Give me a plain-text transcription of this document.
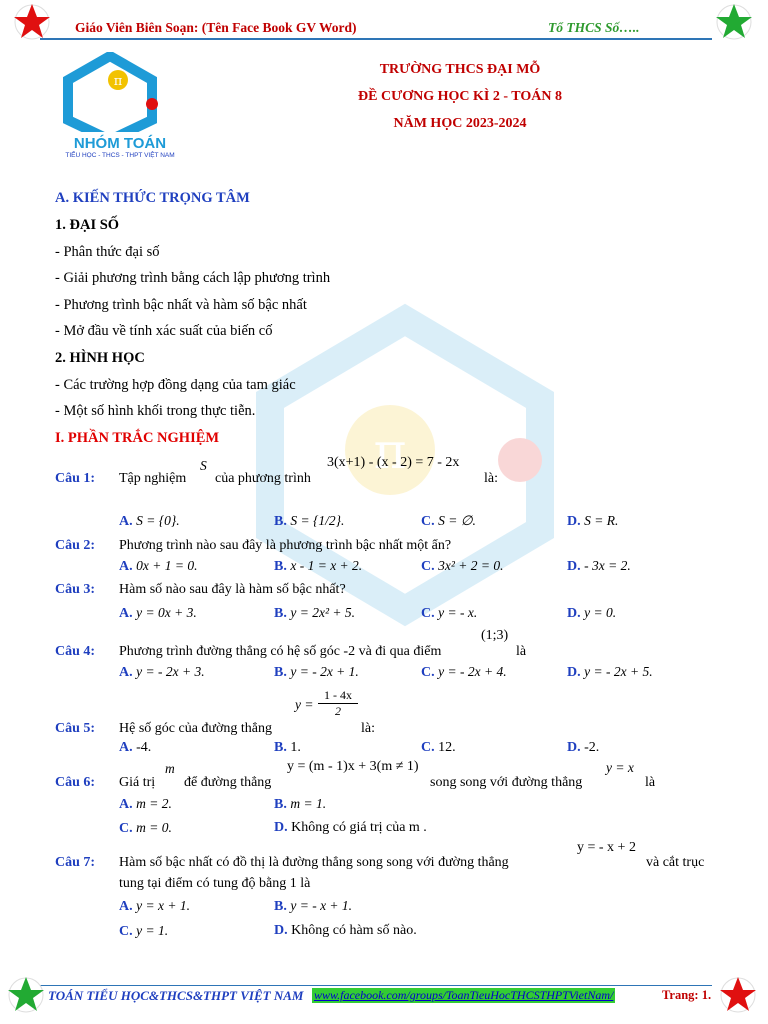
Giáo Viên Biên Soạn: (Tên Face Book GV Word)	Tổ THCS Số…..
π
π
NHÓM TOÁN
TIỂU HỌC - THCS - THPT VIỆT NAM
TRƯỜNG THCS ĐẠI MỖ
ĐỀ CƯƠNG HỌC KÌ 2 - TOÁN 8
NĂM HỌC 2023-2024
A. KIẾN THỨC TRỌNG TÂM
1. ĐẠI SỐ
- Phân thức đại số
- Giải phương trình bằng cách lập phương trình
- Phương trình bậc nhất và hàm số bậc nhất
- Mở đầu về tính xác suất của biến cố
2. HÌNH HỌC
- Các trường hợp đồng dạng của tam giác
- Một số hình khối trong thực tiễn.
I. PHẦN TRẮC NGHIỆM
Câu 1: Tập nghiệm
S
của phương trình
3(x+1) - (x - 2) = 7 - 2x
là:
A. S = {0}.	B. S = {1/2}.	C. S = ∅.	D. S = R.
Câu 2: Phương trình nào sau đây là phương trình bậc nhất một ẩn?
A. 0x + 1 = 0.	B. x - 1 = x + 2.	C. 3x² + 2 = 0.	D. - 3x = 2.
Câu 3: Hàm số nào sau đây là hàm số bậc nhất?
A. y = 0x + 3.	B. y = 2x² + 5.	C. y = - x.	D. y = 0.
Câu 4: Phương trình đường thẳng có hệ số góc -2 và đi qua điểm
(1;3)
là
A. y = - 2x + 3.	B. y = - 2x + 1.	C. y = - 2x + 4.	D. y = - 2x + 5.
$y = \frac{1 - 4x}{2}$
Câu 5: Hệ số góc của đường thẳng	là:
A. -4.	B. 1.	C. 12.	D. -2.
Câu 6: Giá trị
m
để đường thẳng
y = (m - 1)x + 3(m ≠ 1)
song song với đường thẳng
y = x
là
A. m = 2.	B. m = 1.
C. m = 0.	D. Không có giá trị của m .
y = - x + 2
Câu 7: Hàm số bậc nhất có đồ thị là đường thẳng song song với đường thẳng	và cắt trục
tung tại điểm có tung độ bằng 1 là
A. y = x + 1.	B. y = - x + 1.
C. y = 1.	D. Không có hàm số nào.
TOÁN TIỂU HỌC&THCS&THPT VIỆT NAM www.facebook.com/groups/ToanTieuHocTHCSTHPTVietNam/	Trang: 1.
